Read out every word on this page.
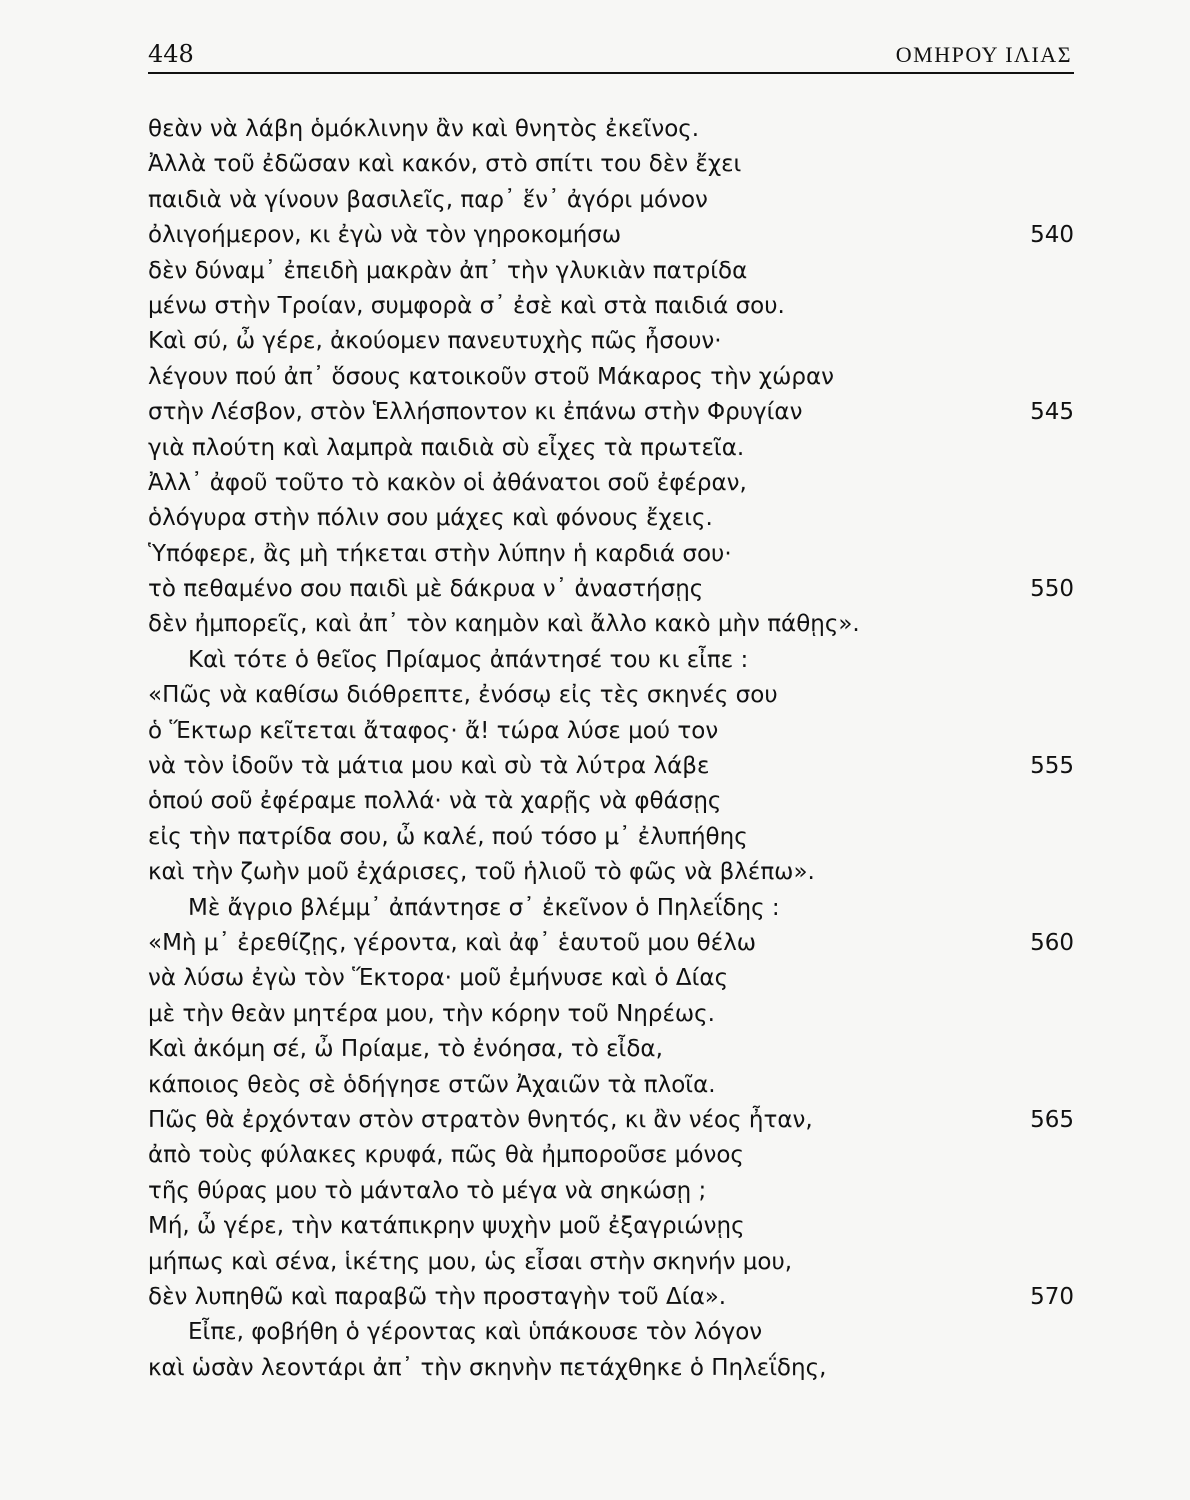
448	ΟΜΗΡΟΥ ΙΛΙΑΣ
θεὰν νὰ λάβη ὁμόκλινην ἂν καὶ θνητὸς ἐκεῖνος.
Ἀλλὰ τοῦ ἐδῶσαν καὶ κακόν, στὸ σπίτι του δὲν ἔχει
παιδιὰ νὰ γίνουν βασιλεῖς, παρ᾽ ἕν᾽ ἀγόρι μόνον
ὀλιγοήμερον, κι ἐγὼ νὰ τὸν γηροκομήσω	540
δὲν δύναμ᾽ ἐπειδὴ μακρὰν ἀπ᾽ τὴν γλυκιὰν πατρίδα
μένω στὴν Τροίαν, συμφορὰ σ᾽ ἐσὲ καὶ στὰ παιδιά σου.
Καὶ σύ, ὦ γέρε, ἀκούομεν πανευτυχὴς πῶς ἦσουν·
λέγουν πού ἀπ᾽ ὅσους κατοικοῦν στοῦ Μάκαρος τὴν χώραν
στὴν Λέσβον, στὸν Ἑλλήσποντον κι ἐπάνω στὴν Φρυγίαν	545
γιὰ πλούτη καὶ λαμπρὰ παιδιὰ σὺ εἶχες τὰ πρωτεῖα.
Ἀλλ᾽ ἀφοῦ τοῦτο τὸ κακὸν οἱ ἀθάνατοι σοῦ ἐφέραν,
ὁλόγυρα στὴν πόλιν σου μάχες καὶ φόνους ἔχεις.
Ὑπόφερε, ἂς μὴ τήκεται στὴν λύπην ἡ καρδιά σου·
τὸ πεθαμένο σου παιδὶ μὲ δάκρυα ν᾽ ἀναστήσῃς	550
δὲν ἠμπορεῖς, καὶ ἀπ᾽ τὸν καημὸν καὶ ἄλλο κακὸ μὴν πάθῃς».
Καὶ τότε ὁ θεῖος Πρίαμος ἀπάντησέ του κι εἶπε :
«Πῶς νὰ καθίσω διόθρεπτε, ἐνόσῳ εἰς τὲς σκηνές σου
ὁ Ἕκτωρ κεῖτεται ἄταφος· ἄ! τώρα λύσε μού τον
νὰ τὸν ἰδοῦν τὰ μάτια μου καὶ σὺ τὰ λύτρα λάβε	555
ὁπού σοῦ ἐφέραμε πολλά· νὰ τὰ χαρῇς νὰ φθάσῃς
εἰς τὴν πατρίδα σου, ὦ καλέ, πού τόσο μ᾽ ἐλυπήθης
καὶ τὴν ζωὴν μοῦ ἐχάρισες, τοῦ ἡλιοῦ τὸ φῶς νὰ βλέπω».
Μὲ ἄγριο βλέμμ᾽ ἀπάντησε σ᾽ ἐκεῖνον ὁ Πηλεΐδης :
«Μὴ μ᾽ ἐρεθίζῃς, γέροντα, καὶ ἀφ᾽ ἑαυτοῦ μου θέλω	560
νὰ λύσω ἐγὼ τὸν Ἕκτορα· μοῦ ἐμήνυσε καὶ ὁ Δίας
μὲ τὴν θεὰν μητέρα μου, τὴν κόρην τοῦ Νηρέως.
Καὶ ἀκόμη σέ, ὦ Πρίαμε, τὸ ἐνόησα, τὸ εἶδα,
κάποιος θεὸς σὲ ὁδήγησε στῶν Ἀχαιῶν τὰ πλοῖα.
Πῶς θὰ ἐρχόνταν στὸν στρατὸν θνητός, κι ἂν νέος ἦταν,	565
ἀπὸ τοὺς φύλακες κρυφά, πῶς θὰ ἠμποροῦσε μόνος
τῆς θύρας μου τὸ μάνταλο τὸ μέγα νὰ σηκώσῃ ;
Μή, ὦ γέρε, τὴν κατάπικρην ψυχὴν μοῦ ἐξαγριώνῃς
μήπως καὶ σένα, ἱκέτης μου, ὡς εἶσαι στὴν σκηνήν μου,
δὲν λυπηθῶ καὶ παραβῶ τὴν προσταγὴν τοῦ Δία».	570
Εἶπε, φοβήθη ὁ γέροντας καὶ ὑπάκουσε τὸν λόγον
καὶ ὡσὰν λεοντάρι ἀπ᾽ τὴν σκηνὴν πετάχθηκε ὁ Πηλεΐδης,
